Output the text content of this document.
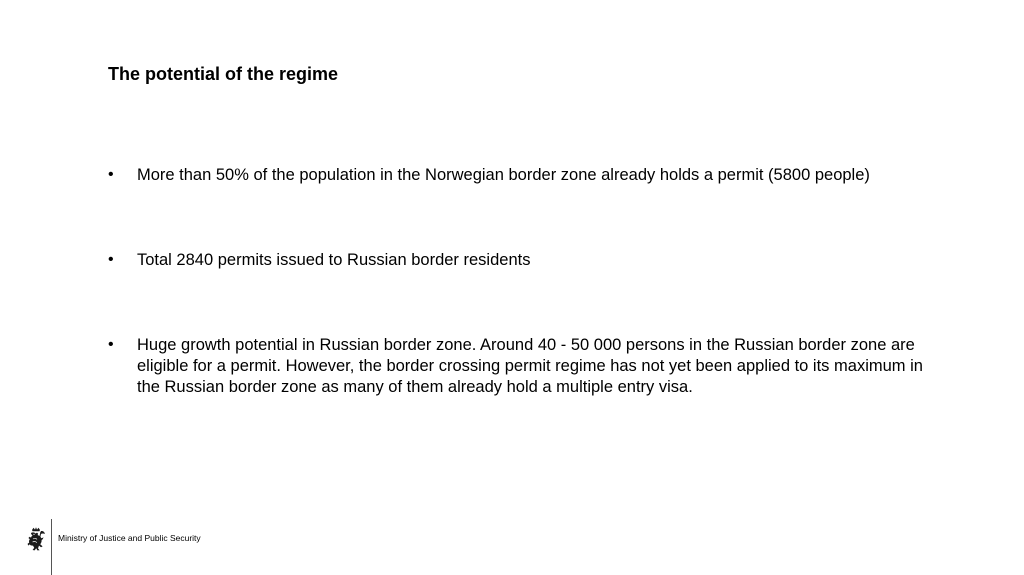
The potential of the regime
• More than 50% of the population in the Norwegian border zone already holds a permit (5800 people)
• Total 2840 permits issued to Russian border residents
• Huge growth potential in Russian border zone. Around 40 - 50 000 persons in the Russian border zone are eligible for a permit. However, the border crossing permit regime has not yet been applied to its maximum in the Russian border zone as many of them already hold a multiple entry visa.
Ministry of Justice and Public Security
